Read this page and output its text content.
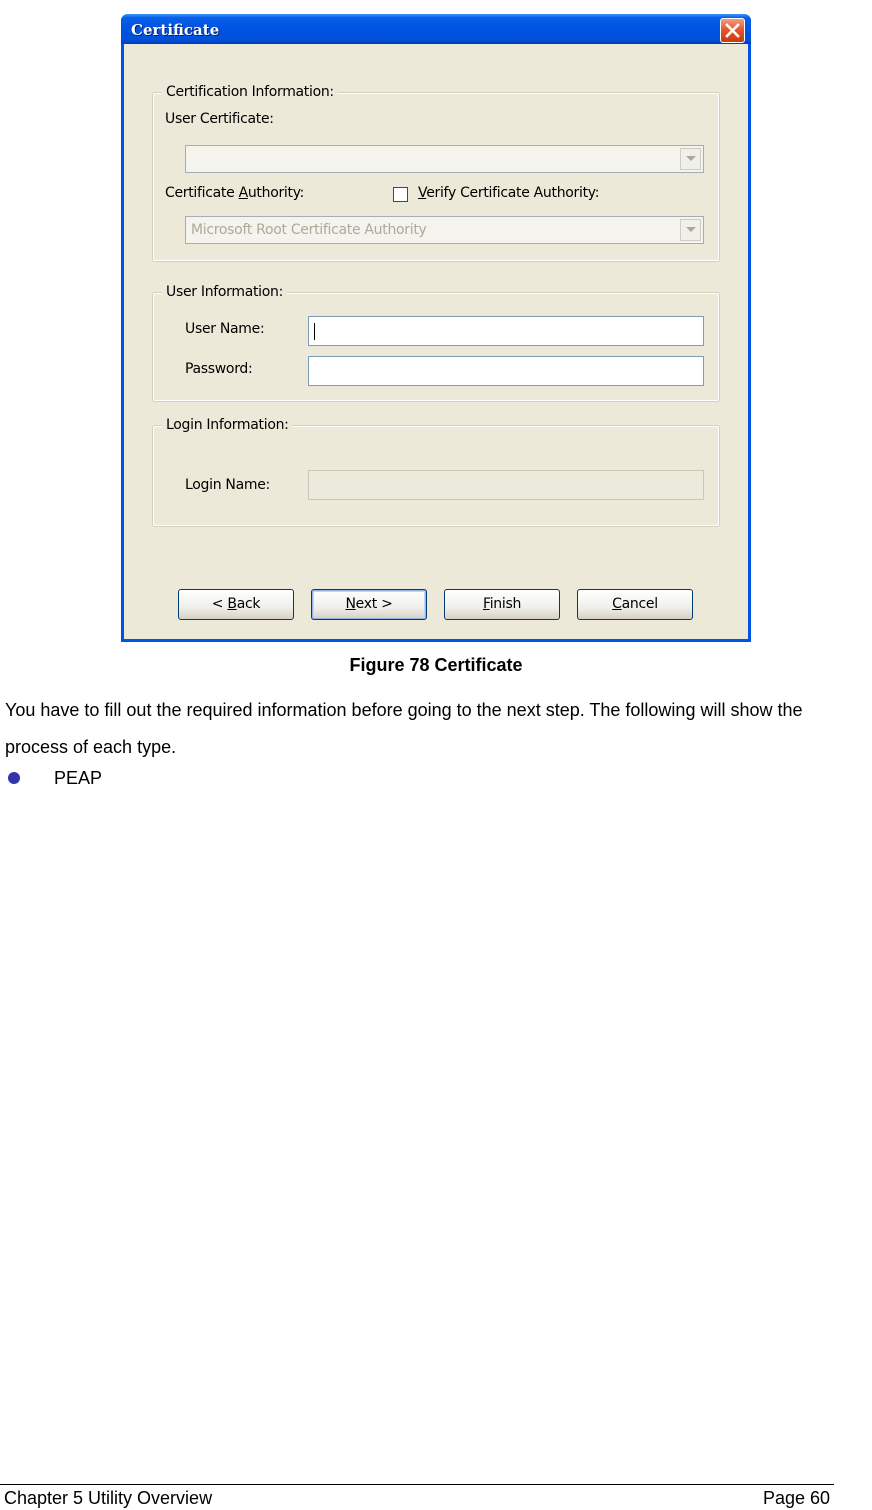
Certificate
Certification Information:
User Certificate:
Certificate Authority:	Verify Certificate Authority:
Microsoft Root Certificate Authority
User Information:
User Name:
Password:
Login Information:
Login Name:
< Back	Next >	Finish	Cancel
Figure 78 Certificate
You have to fill out the required information before going to the next step. The following will show the process of each type.
PEAP
Chapter 5 Utility Overview	Page 60
